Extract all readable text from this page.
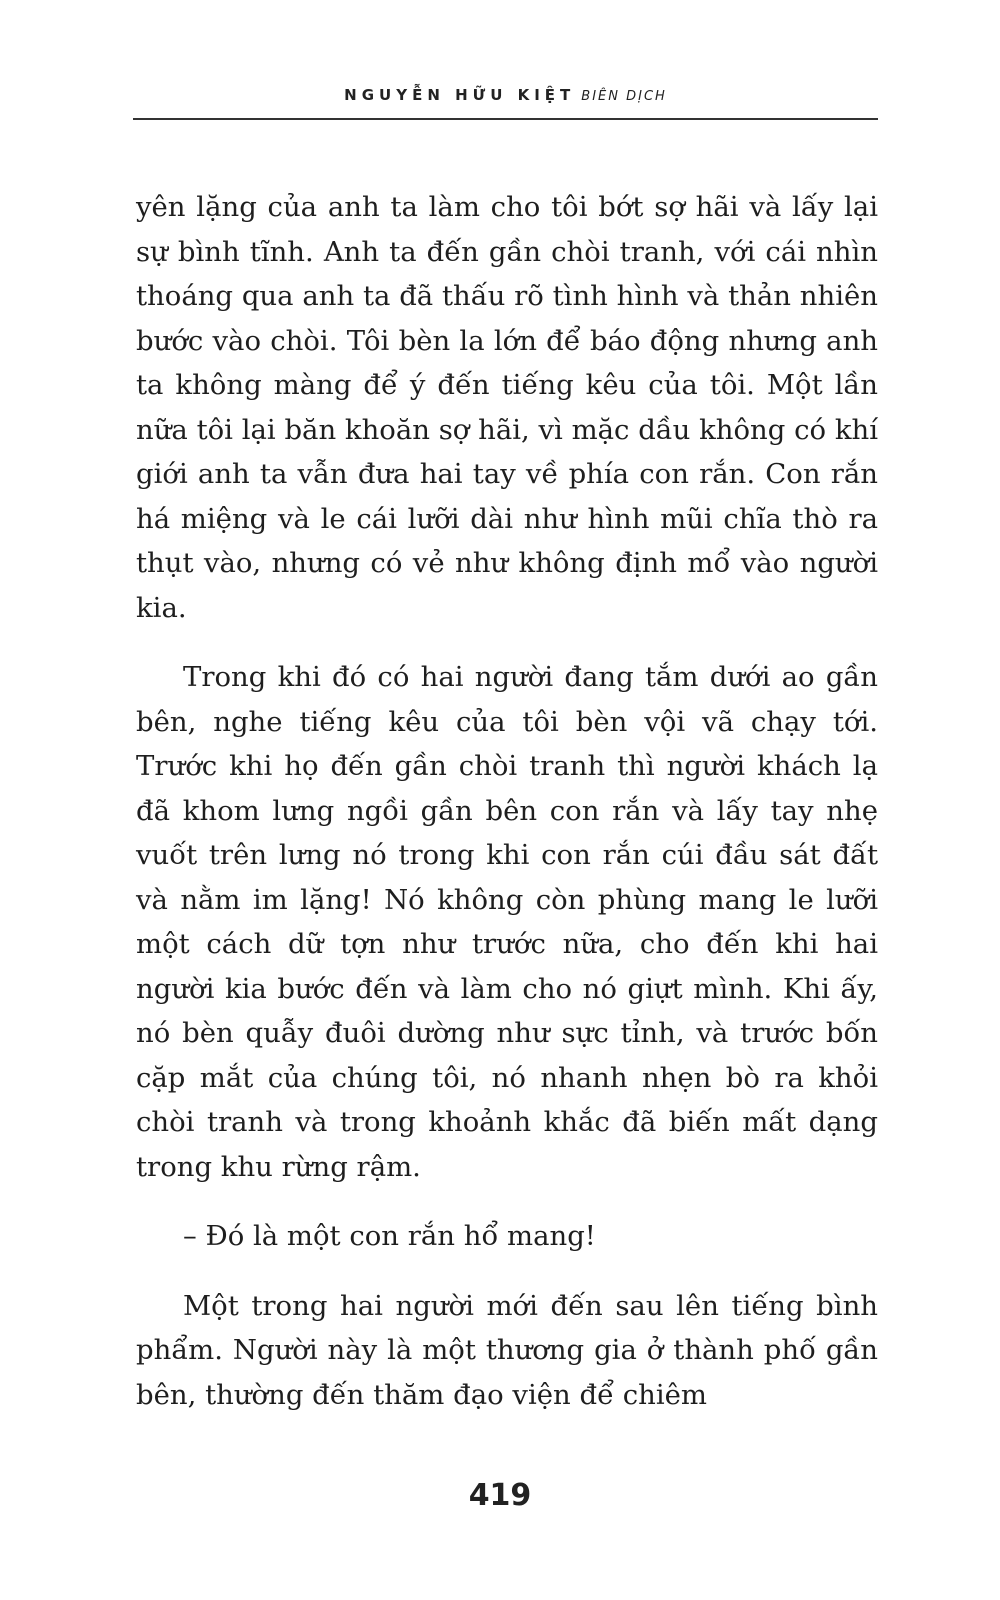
NGUYỄN HỮU KIỆT BIÊN DỊCH

yên lặng của anh ta làm cho tôi bớt sợ hãi và lấy lại sự bình tĩnh. Anh ta đến gần chòi tranh, với cái nhìn thoáng qua anh ta đã thấu rõ tình hình và thản nhiên bước vào chòi. Tôi bèn la lớn để báo động nhưng anh ta không màng để ý đến tiếng kêu của tôi. Một lần nữa tôi lại băn khoăn sợ hãi, vì mặc dầu không có khí giới anh ta vẫn đưa hai tay về phía con rắn. Con rắn há miệng và le cái lưỡi dài như hình mũi chĩa thò ra thụt vào, nhưng có vẻ như không định mổ vào người kia.

Trong khi đó có hai người đang tắm dưới ao gần bên, nghe tiếng kêu của tôi bèn vội vã chạy tới. Trước khi họ đến gần chòi tranh thì người khách lạ đã khom lưng ngồi gần bên con rắn và lấy tay nhẹ vuốt trên lưng nó trong khi con rắn cúi đầu sát đất và nằm im lặng! Nó không còn phùng mang le lưỡi một cách dữ tợn như trước nữa, cho đến khi hai người kia bước đến và làm cho nó giựt mình. Khi ấy, nó bèn quẫy đuôi dường như sực tỉnh, và trước bốn cặp mắt của chúng tôi, nó nhanh nhẹn bò ra khỏi chòi tranh và trong khoảnh khắc đã biến mất dạng trong khu rừng rậm.

– Đó là một con rắn hổ mang!

Một trong hai người mới đến sau lên tiếng bình phẩm. Người này là một thương gia ở thành phố gần bên, thường đến thăm đạo viện để chiêm

419
